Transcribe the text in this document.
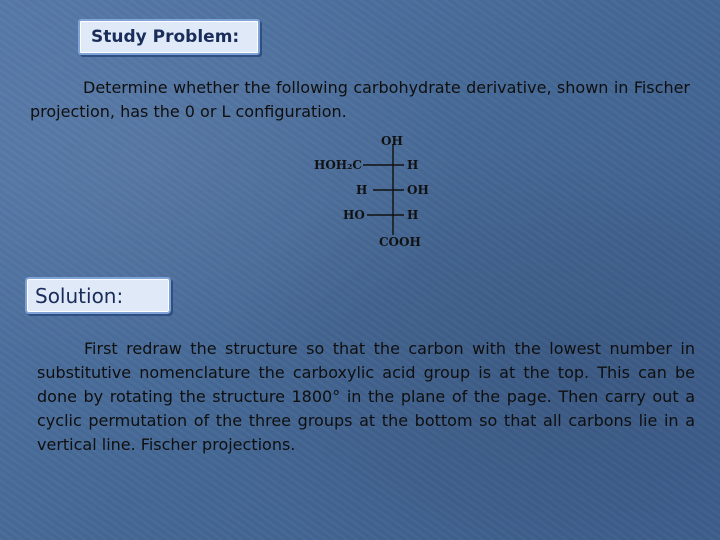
Study Problem:
Determine whether the following carbohydrate derivative, shown in Fischer projection, has the 0 or L configuration.
OH
HOH₂C	H
H	OH
HO	H
COOH
Solution:
First redraw the structure so that the carbon with the lowest number in substitutive nomenclature the carboxylic acid group is at the top. This can be done by rotating the structure 1800° in the plane of the page. Then carry out a cyclic permutation of the three groups at the bottom so that all carbons lie in a vertical line. Fischer projections.
